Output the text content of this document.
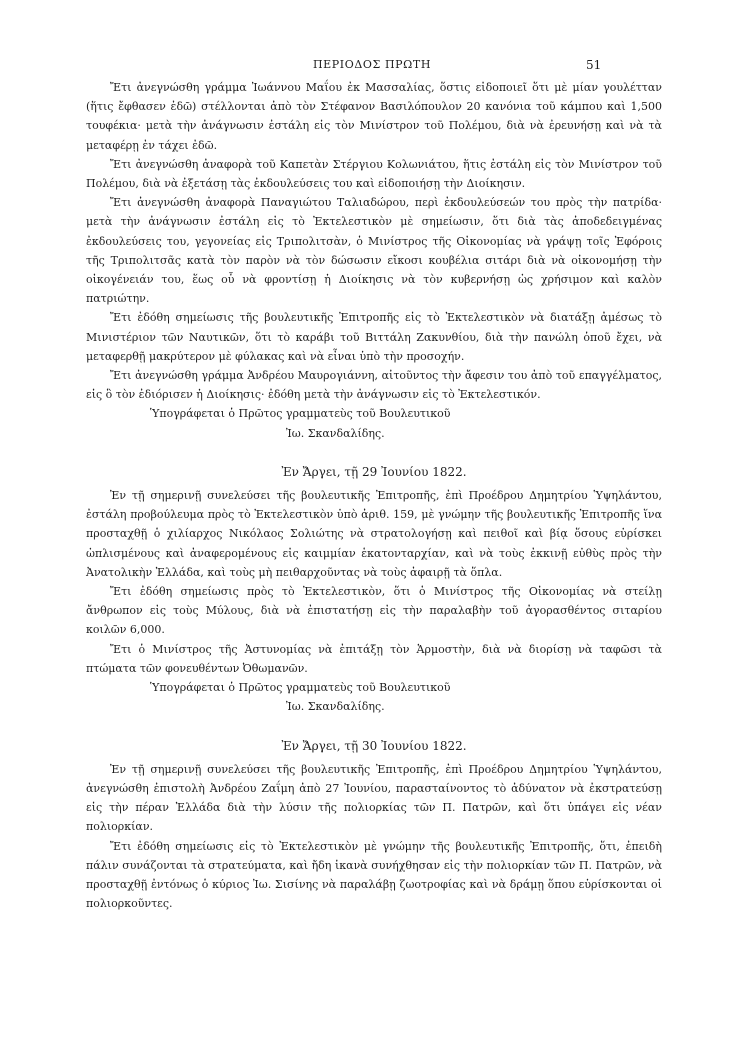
ΠΕΡΙΟΔΟΣ ΠΡΩΤΗ	51

Ἔτι ἀνεγνώσθη γράμμα Ἰωάννου Μαΐου ἐκ Μασσαλίας, ὅστις εἰδοποιεῖ ὅτι μὲ μίαν γουλέτταν (ἥτις ἔφθασεν ἐδῶ) στέλλονται ἀπὸ τὸν Στέφανον Βασιλόπουλον 20 κανόνια τοῦ κάμπου καὶ 1,500 τουφέκια· μετὰ τὴν ἀνάγνωσιν ἐστάλη εἰς τὸν Μινίστρον τοῦ Πολέμου, διὰ νὰ ἐρευνήσῃ καὶ νὰ τὰ μεταφέρῃ ἐν τάχει ἐδῶ.

Ἔτι ἀνεγνώσθη ἀναφορὰ τοῦ Καπετὰν Στέργιου Κολωνιάτου, ἥτις ἐστάλη εἰς τὸν Μινίστρον τοῦ Πολέμου, διὰ νὰ ἐξετάσῃ τὰς ἐκδουλεύσεις του καὶ εἰδοποιήσῃ τὴν Διοίκησιν.

Ἔτι ἀνεγνώσθη ἀναφορὰ Παναγιώτου Ταλιαδώρου, περὶ ἐκδουλεύσεών του πρὸς τὴν πατρίδα· μετὰ τὴν ἀνάγνωσιν ἐστάλη εἰς τὸ Ἐκτελεστικὸν μὲ σημείωσιν, ὅτι διὰ τὰς ἀποδεδειγμένας ἐκδουλεύσεις του, γεγονείας εἰς Τριπολιτσὰν, ὁ Μινίστρος τῆς Οἰκονομίας νὰ γράψῃ τοῖς Ἐφόροις τῆς Τριπολιτσᾶς κατὰ τὸν παρὸν νὰ τὸν δώσωσιν εἴκοσι κουβέλια σιτάρι διὰ νὰ οἰκονομήσῃ τὴν οἰκογένειάν του, ἕως οὗ νὰ φροντίσῃ ἡ Διοίκησις νὰ τὸν κυβερνήσῃ ὡς χρήσιμον καὶ καλὸν πατριώτην.

Ἔτι ἐδόθη σημείωσις τῆς βουλευτικῆς Ἐπιτροπῆς εἰς τὸ Ἐκτελεστικὸν νὰ διατάξῃ ἀμέσως τὸ Μινιστέριον τῶν Ναυτικῶν, ὅτι τὸ καράβι τοῦ Βιττάλη Ζακυνθίου, διὰ τὴν πανώλη ὁποῦ ἔχει, νὰ μεταφερθῇ μακρύτερον μὲ φύλακας καὶ νὰ εἶναι ὑπὸ τὴν προσοχήν.

Ἔτι ἀνεγνώσθη γράμμα Ἀνδρέου Μαυρογιάννη, αἰτοῦντος τὴν ἄφεσιν του ἀπὸ τοῦ επαγγέλματος, εἰς ὃ τὸν ἐδιόρισεν ἡ Διοίκησις· ἐδόθη μετὰ τὴν ἀνάγνωσιν εἰς τὸ Ἐκτελεστικόν.

Ὑπογράφεται ὁ Πρῶτος γραμματεὺς τοῦ Βουλευτικοῦ
Ἰω. Σκανδαλίδης.
Ἐν Ἄργει, τῇ 29 Ἰουνίου 1822.

Ἐν τῇ σημερινῇ συνελεύσει τῆς βουλευτικῆς Ἐπιτροπῆς, ἐπὶ Προέδρου Δημητρίου Ὑψηλάντου, ἐστάλη προβούλευμα πρὸς τὸ Ἐκτελεστικὸν ὑπὸ ἀριθ. 159, μὲ γνώμην τῆς βουλευτικῆς Ἐπιτροπῆς ἵνα προσταχθῇ ὁ χιλίαρχος Νικόλαος Σολιώτης νὰ στρατολογήσῃ καὶ πειθοῖ καὶ βίᾳ ὅσους εὑρίσκει ὡπλισμένους καὶ ἀναφερομένους εἰς καιμμίαν ἑκατονταρχίαν, καὶ νὰ τοὺς ἐκκινῇ εὐθὺς πρὸς τὴν Ἀνατολικὴν Ἑλλάδα, καὶ τοὺς μὴ πειθαρχοῦντας νὰ τοὺς ἀφαιρῇ τὰ ὅπλα.

Ἔτι ἐδόθη σημείωσις πρὸς τὸ Ἐκτελεστικὸν, ὅτι ὁ Μινίστρος τῆς Οἰκονομίας νὰ στείλῃ ἄνθρωπον εἰς τοὺς Μύλους, διὰ νὰ ἐπιστατήσῃ εἰς τὴν παραλαβὴν τοῦ ἀγορασθέντος σιταρίου κοιλῶν 6,000.

Ἔτι ὁ Μινίστρος τῆς Ἀστυνομίας νὰ ἐπιτάξῃ τὸν Ἁρμοστὴν, διὰ νὰ διορίσῃ νὰ ταφῶσι τὰ πτώματα τῶν φονευθέντων Ὀθωμανῶν.

Ὑπογράφεται ὁ Πρῶτος γραμματεὺς τοῦ Βουλευτικοῦ
Ἰω. Σκανδαλίδης.
Ἐν Ἄργει, τῇ 30 Ἰουνίου 1822.

Ἐν τῇ σημερινῇ συνελεύσει τῆς βουλευτικῆς Ἐπιτροπῆς, ἐπὶ Προέδρου Δημητρίου Ὑψηλάντου, ἀνεγνώσθη ἐπιστολὴ Ἀνδρέου Ζαΐμη ἀπὸ 27 Ἰουνίου, παρασταίνοντος τὸ ἀδύνατον νὰ ἐκστρατεύσῃ εἰς τὴν πέραν Ἑλλάδα διὰ τὴν λύσιν τῆς πολιορκίας τῶν Π. Πατρῶν, καὶ ὅτι ὑπάγει εἰς νέαν πολιορκίαν.

Ἔτι ἐδόθη σημείωσις εἰς τὸ Ἐκτελεστικὸν μὲ γνώμην τῆς βουλευτικῆς Ἐπιτροπῆς, ὅτι, ἐπειδὴ πάλιν συνάζονται τὰ στρατεύματα, καὶ ἤδη ἱκανὰ συνήχθησαν εἰς τὴν πολιορκίαν τῶν Π. Πατρῶν, νὰ προσταχθῇ ἐντόνως ὁ κύριος Ἰω. Σισίνης νὰ παραλάβῃ ζωοτροφίας καὶ νὰ δράμῃ ὅπου εὑρίσκονται οἱ πολιορκοῦντες.
